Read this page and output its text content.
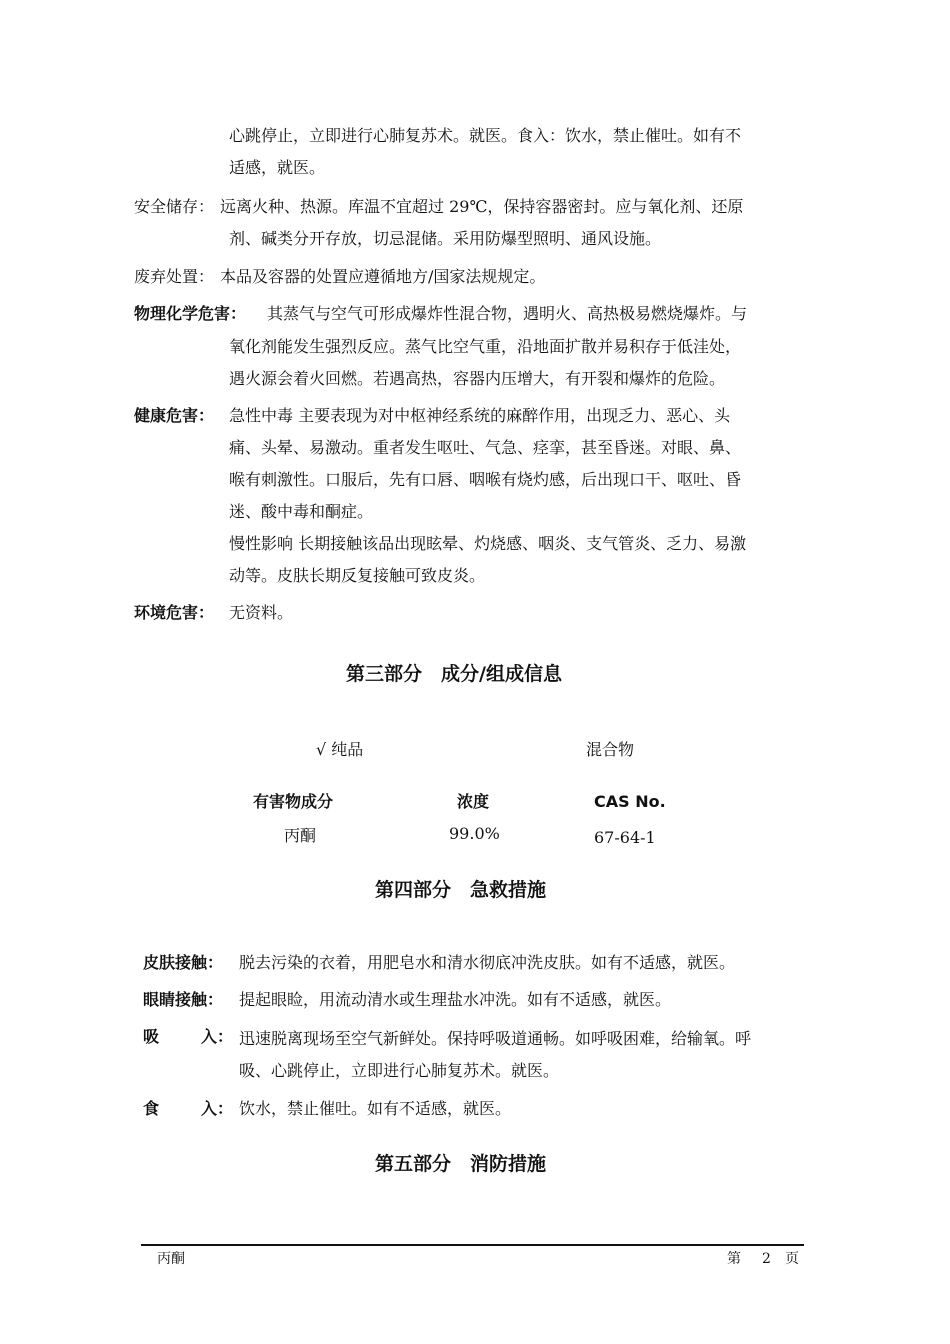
心跳停止，立即进行心肺复苏术。就医。食入：饮水，禁止催吐。如有不
适感，就医。
安全储存： 远离火种、热源。库温不宜超过 29℃，保持容器密封。应与氧化剂、还原
剂、碱类分开存放，切忌混储。采用防爆型照明、通风设施。
废弃处置： 本品及容器的处置应遵循地方/国家法规规定。
物理化学危害： 其蒸气与空气可形成爆炸性混合物，遇明火、高热极易燃烧爆炸。与
氧化剂能发生强烈反应。蒸气比空气重，沿地面扩散并易积存于低洼处，
遇火源会着火回燃。若遇高热，容器内压增大，有开裂和爆炸的危险。
健康危害： 急性中毒 主要表现为对中枢神经系统的麻醉作用，出现乏力、恶心、头
痛、头晕、易激动。重者发生呕吐、气急、痉挛，甚至昏迷。对眼、鼻、
喉有刺激性。口服后，先有口唇、咽喉有烧灼感，后出现口干、呕吐、昏
迷、酸中毒和酮症。
慢性影响 长期接触该品出现眩晕、灼烧感、咽炎、支气管炎、乏力、易激
动等。皮肤长期反复接触可致皮炎。
环境危害： 无资料。
第三部分　成分/组成信息
√ 纯品	混合物
有害物成分	浓度	CAS No.
丙酮	99.0%	67-64-1
第四部分　急救措施
皮肤接触： 脱去污染的衣着，用肥皂水和清水彻底冲洗皮肤。如有不适感，就医。
眼睛接触： 提起眼睑，用流动清水或生理盐水冲洗。如有不适感，就医。
吸	入： 迅速脱离现场至空气新鲜处。保持呼吸道通畅。如呼吸困难，给输氧。呼
吸、心跳停止，立即进行心肺复苏术。就医。
食	入： 饮水，禁止催吐。如有不适感，就医。
第五部分　消防措施
丙酮	第 2 页
